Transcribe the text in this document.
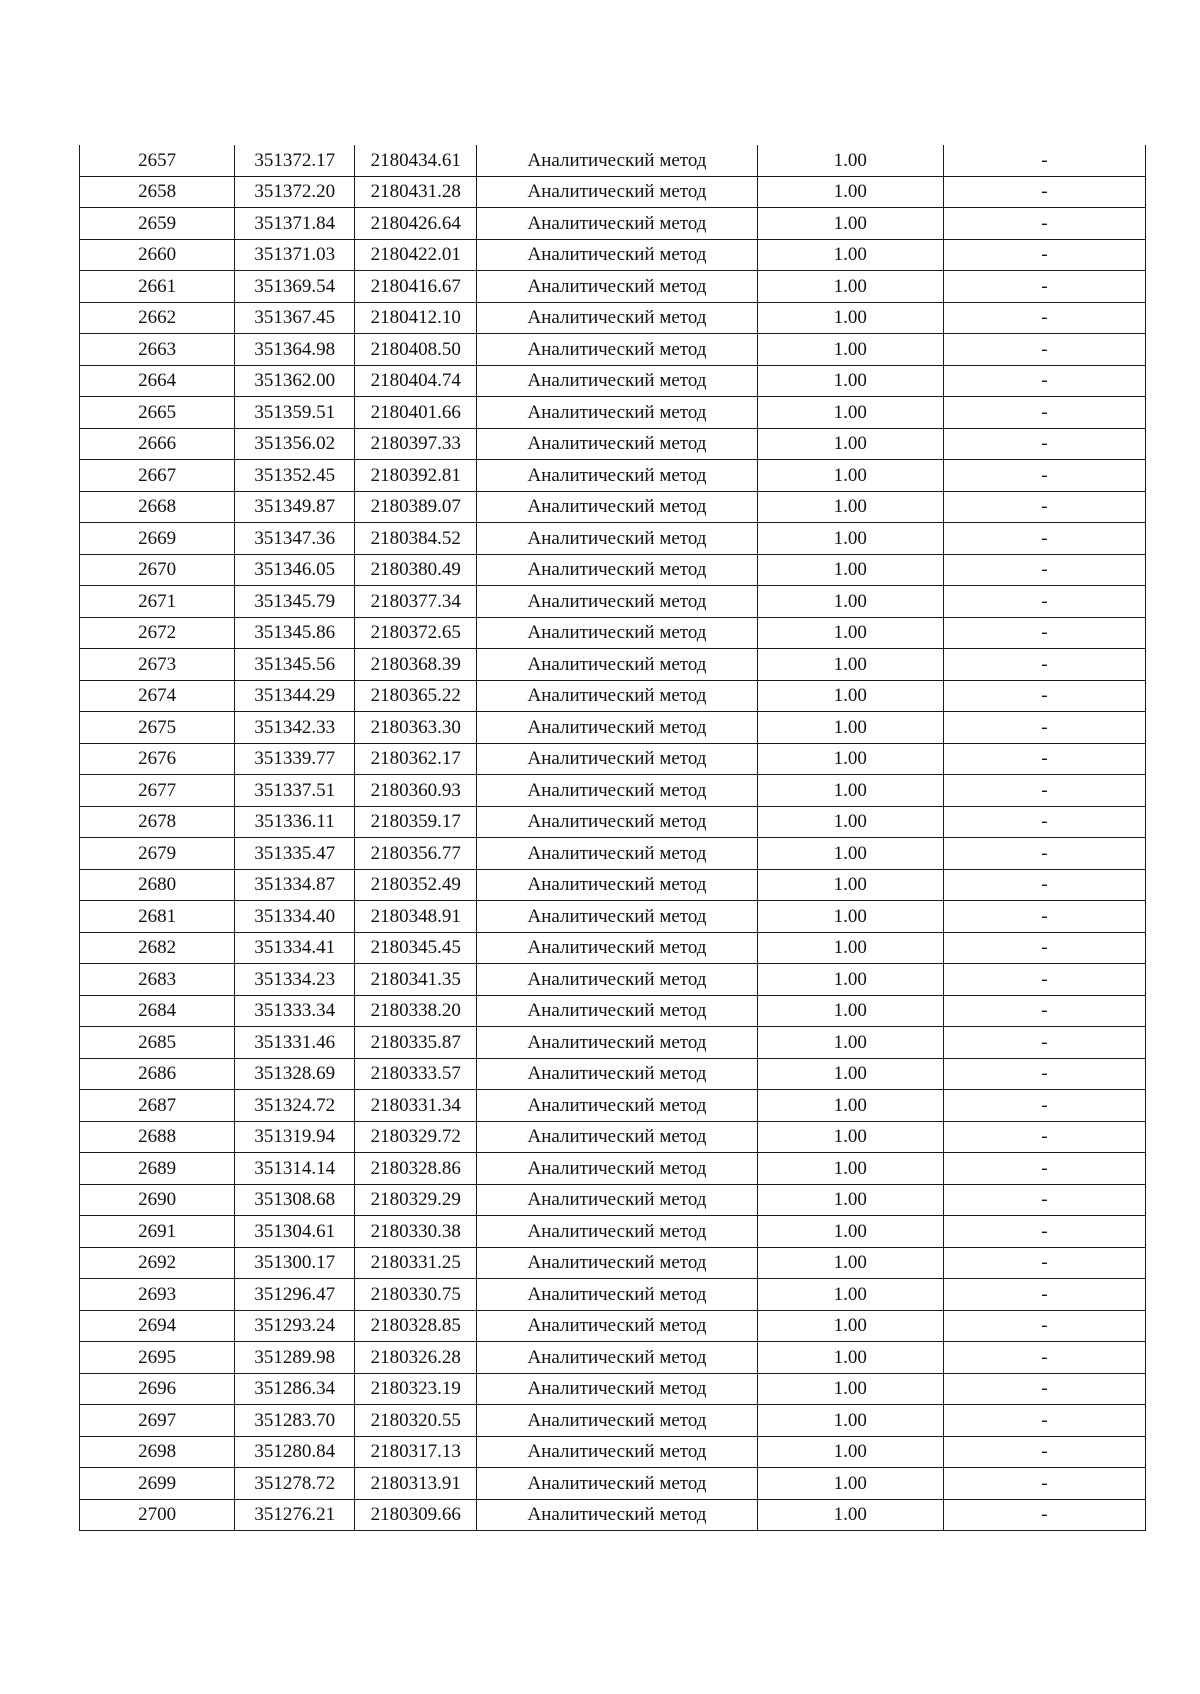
2657	351372.17	2180434.61	Аналитический метод	1.00	-
2658	351372.20	2180431.28	Аналитический метод	1.00	-
2659	351371.84	2180426.64	Аналитический метод	1.00	-
2660	351371.03	2180422.01	Аналитический метод	1.00	-
2661	351369.54	2180416.67	Аналитический метод	1.00	-
2662	351367.45	2180412.10	Аналитический метод	1.00	-
2663	351364.98	2180408.50	Аналитический метод	1.00	-
2664	351362.00	2180404.74	Аналитический метод	1.00	-
2665	351359.51	2180401.66	Аналитический метод	1.00	-
2666	351356.02	2180397.33	Аналитический метод	1.00	-
2667	351352.45	2180392.81	Аналитический метод	1.00	-
2668	351349.87	2180389.07	Аналитический метод	1.00	-
2669	351347.36	2180384.52	Аналитический метод	1.00	-
2670	351346.05	2180380.49	Аналитический метод	1.00	-
2671	351345.79	2180377.34	Аналитический метод	1.00	-
2672	351345.86	2180372.65	Аналитический метод	1.00	-
2673	351345.56	2180368.39	Аналитический метод	1.00	-
2674	351344.29	2180365.22	Аналитический метод	1.00	-
2675	351342.33	2180363.30	Аналитический метод	1.00	-
2676	351339.77	2180362.17	Аналитический метод	1.00	-
2677	351337.51	2180360.93	Аналитический метод	1.00	-
2678	351336.11	2180359.17	Аналитический метод	1.00	-
2679	351335.47	2180356.77	Аналитический метод	1.00	-
2680	351334.87	2180352.49	Аналитический метод	1.00	-
2681	351334.40	2180348.91	Аналитический метод	1.00	-
2682	351334.41	2180345.45	Аналитический метод	1.00	-
2683	351334.23	2180341.35	Аналитический метод	1.00	-
2684	351333.34	2180338.20	Аналитический метод	1.00	-
2685	351331.46	2180335.87	Аналитический метод	1.00	-
2686	351328.69	2180333.57	Аналитический метод	1.00	-
2687	351324.72	2180331.34	Аналитический метод	1.00	-
2688	351319.94	2180329.72	Аналитический метод	1.00	-
2689	351314.14	2180328.86	Аналитический метод	1.00	-
2690	351308.68	2180329.29	Аналитический метод	1.00	-
2691	351304.61	2180330.38	Аналитический метод	1.00	-
2692	351300.17	2180331.25	Аналитический метод	1.00	-
2693	351296.47	2180330.75	Аналитический метод	1.00	-
2694	351293.24	2180328.85	Аналитический метод	1.00	-
2695	351289.98	2180326.28	Аналитический метод	1.00	-
2696	351286.34	2180323.19	Аналитический метод	1.00	-
2697	351283.70	2180320.55	Аналитический метод	1.00	-
2698	351280.84	2180317.13	Аналитический метод	1.00	-
2699	351278.72	2180313.91	Аналитический метод	1.00	-
2700	351276.21	2180309.66	Аналитический метод	1.00	-
